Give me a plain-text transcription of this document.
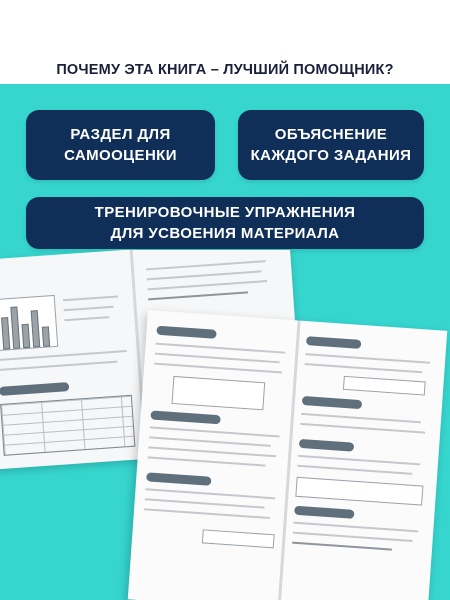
ПОЧЕМУ ЭТА КНИГА – ЛУЧШИЙ ПОМОЩНИК?
РАЗДЕЛ ДЛЯ
САМООЦЕНКИ
ОБЪЯСНЕНИЕ
КАЖДОГО ЗАДАНИЯ
ТРЕНИРОВОЧНЫЕ УПРАЖНЕНИЯ
ДЛЯ УСВОЕНИЯ МАТЕРИАЛА
